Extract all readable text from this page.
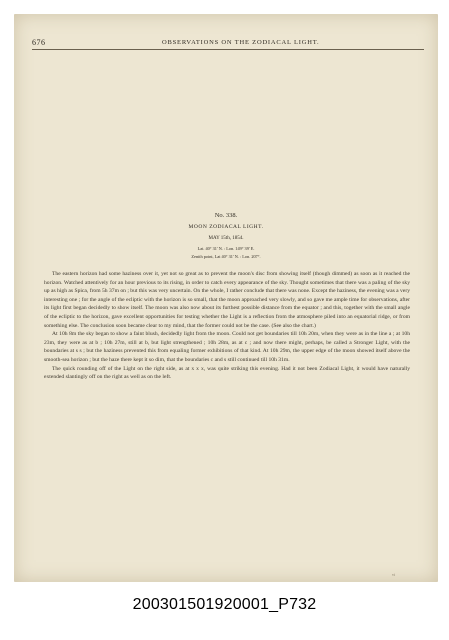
676	OBSERVATIONS ON THE ZODIACAL LIGHT.
No. 338.
MOON ZODIACAL LIGHT.
MAY 15th, 1854.
Lat. 40° 31' N. : Lon. 149° 39' E.
Zenith point, Lat 40° 31' N. : Lon. 207°.

The eastern horizon had some haziness over it, yet not so great as to prevent the moon's disc from showing itself (though dimmed) as soon as it reached the horizon. Watched attentively for an hour previous to its rising, in order to catch every appearance of the sky. Thought sometimes that there was a paling of the sky up as high as Spica, from 5h 37m on ; but this was very uncertain. On the whole, I rather conclude that there was none. Except the haziness, the evening was a very interesting one ; for the angle of the ecliptic with the horizon is so small, that the moon approached very slowly, and so gave me ample time for observations, after its light first began decidedly to show itself. The moon was also now about its furthest possible distance from the equator ; and this, together with the small angle of the ecliptic to the horizon, gave excellent opportunities for testing whether the Light is a reflection from the atmosphere piled into an equatorial ridge, or from something else. The conclusion soon became clear to my mind, that the former could not be the case. (See also the chart.)

At 10h 8m the sky began to show a faint blush, decidedly light from the moon. Could not get boundaries till 10h 20m, when they were as in the line a ; at 10h 23m, they were as at b ; 10h 27m, still at b, but light strengthened ; 10h 28m, as at c ; and now there might, perhaps, be called a Stronger Light, with the boundaries at s s ; but the haziness prevented this from equaling former exhibitions of that kind. At 10h 29m, the upper edge of the moon showed itself above the smooth-sea horizon ; but the haze there kept it so dim, that the boundaries c and s still continued till 10h 31m.

The quick rounding off of the Light on the right side, as at x x x, was quite striking this evening. Had it not been Zodiacal Light, it would have naturally extended slantingly off on the right as well as on the left.

vi
200301501920001_P732
